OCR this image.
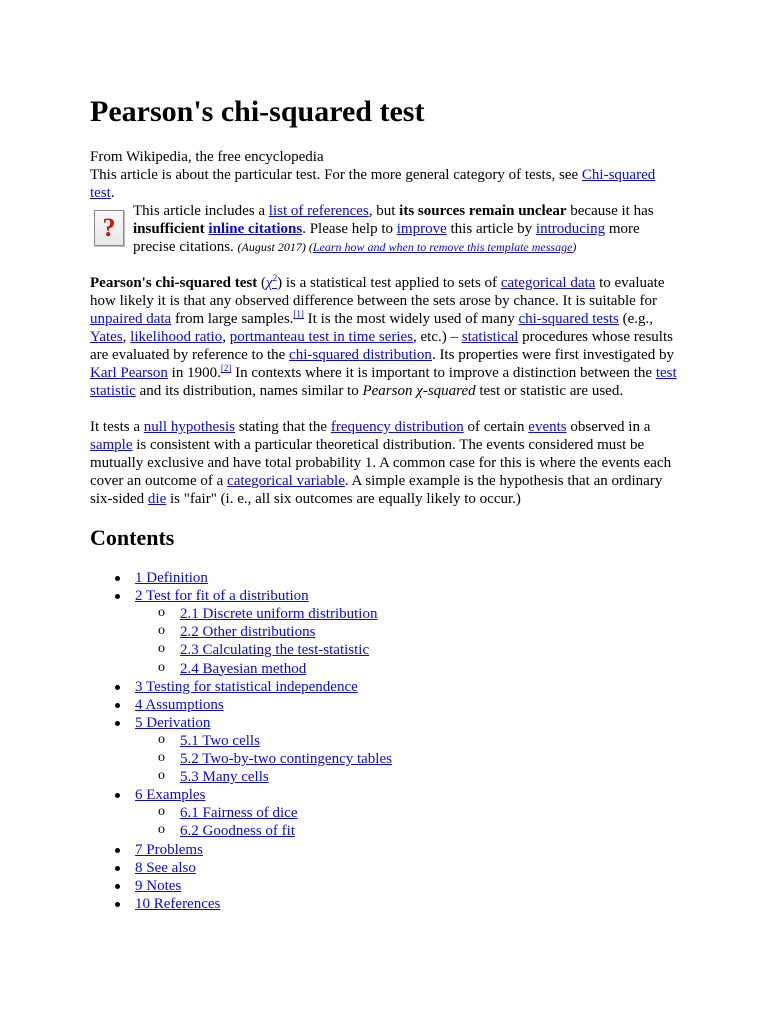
Pearson's chi-squared test
From Wikipedia, the free encyclopedia
This article is about the particular test. For the more general category of tests, see Chi-squared test.
?
This article includes a list of references, but its sources remain unclear because it has insufficient inline citations. Please help to improve this article by introducing more precise citations. (August 2017) (Learn how and when to remove this template message)
Pearson's chi-squared test $(\chi^2)$ is a statistical test applied to sets of categorical data to evaluate how likely it is that any observed difference between the sets arose by chance. It is suitable for unpaired data from large samples.[1] It is the most widely used of many chi-squared tests (e.g., Yates, likelihood ratio, portmanteau test in time series, etc.) – statistical procedures whose results are evaluated by reference to the chi-squared distribution. Its properties were first investigated by Karl Pearson in 1900.[2] In contexts where it is important to improve a distinction between the test statistic and its distribution, names similar to Pearson χ-squared test or statistic are used.
It tests a null hypothesis stating that the frequency distribution of certain events observed in a sample is consistent with a particular theoretical distribution. The events considered must be mutually exclusive and have total probability 1. A common case for this is where the events each cover an outcome of a categorical variable. A simple example is the hypothesis that an ordinary six-sided die is "fair" (i. e., all six outcomes are equally likely to occur.)
Contents
1 Definition
2 Test for fit of a distribution
o 2.1 Discrete uniform distribution
o 2.2 Other distributions
o 2.3 Calculating the test-statistic
o 2.4 Bayesian method
3 Testing for statistical independence
4 Assumptions
5 Derivation
o 5.1 Two cells
o 5.2 Two-by-two contingency tables
o 5.3 Many cells
6 Examples
o 6.1 Fairness of dice
o 6.2 Goodness of fit
7 Problems
8 See also
9 Notes
10 References
